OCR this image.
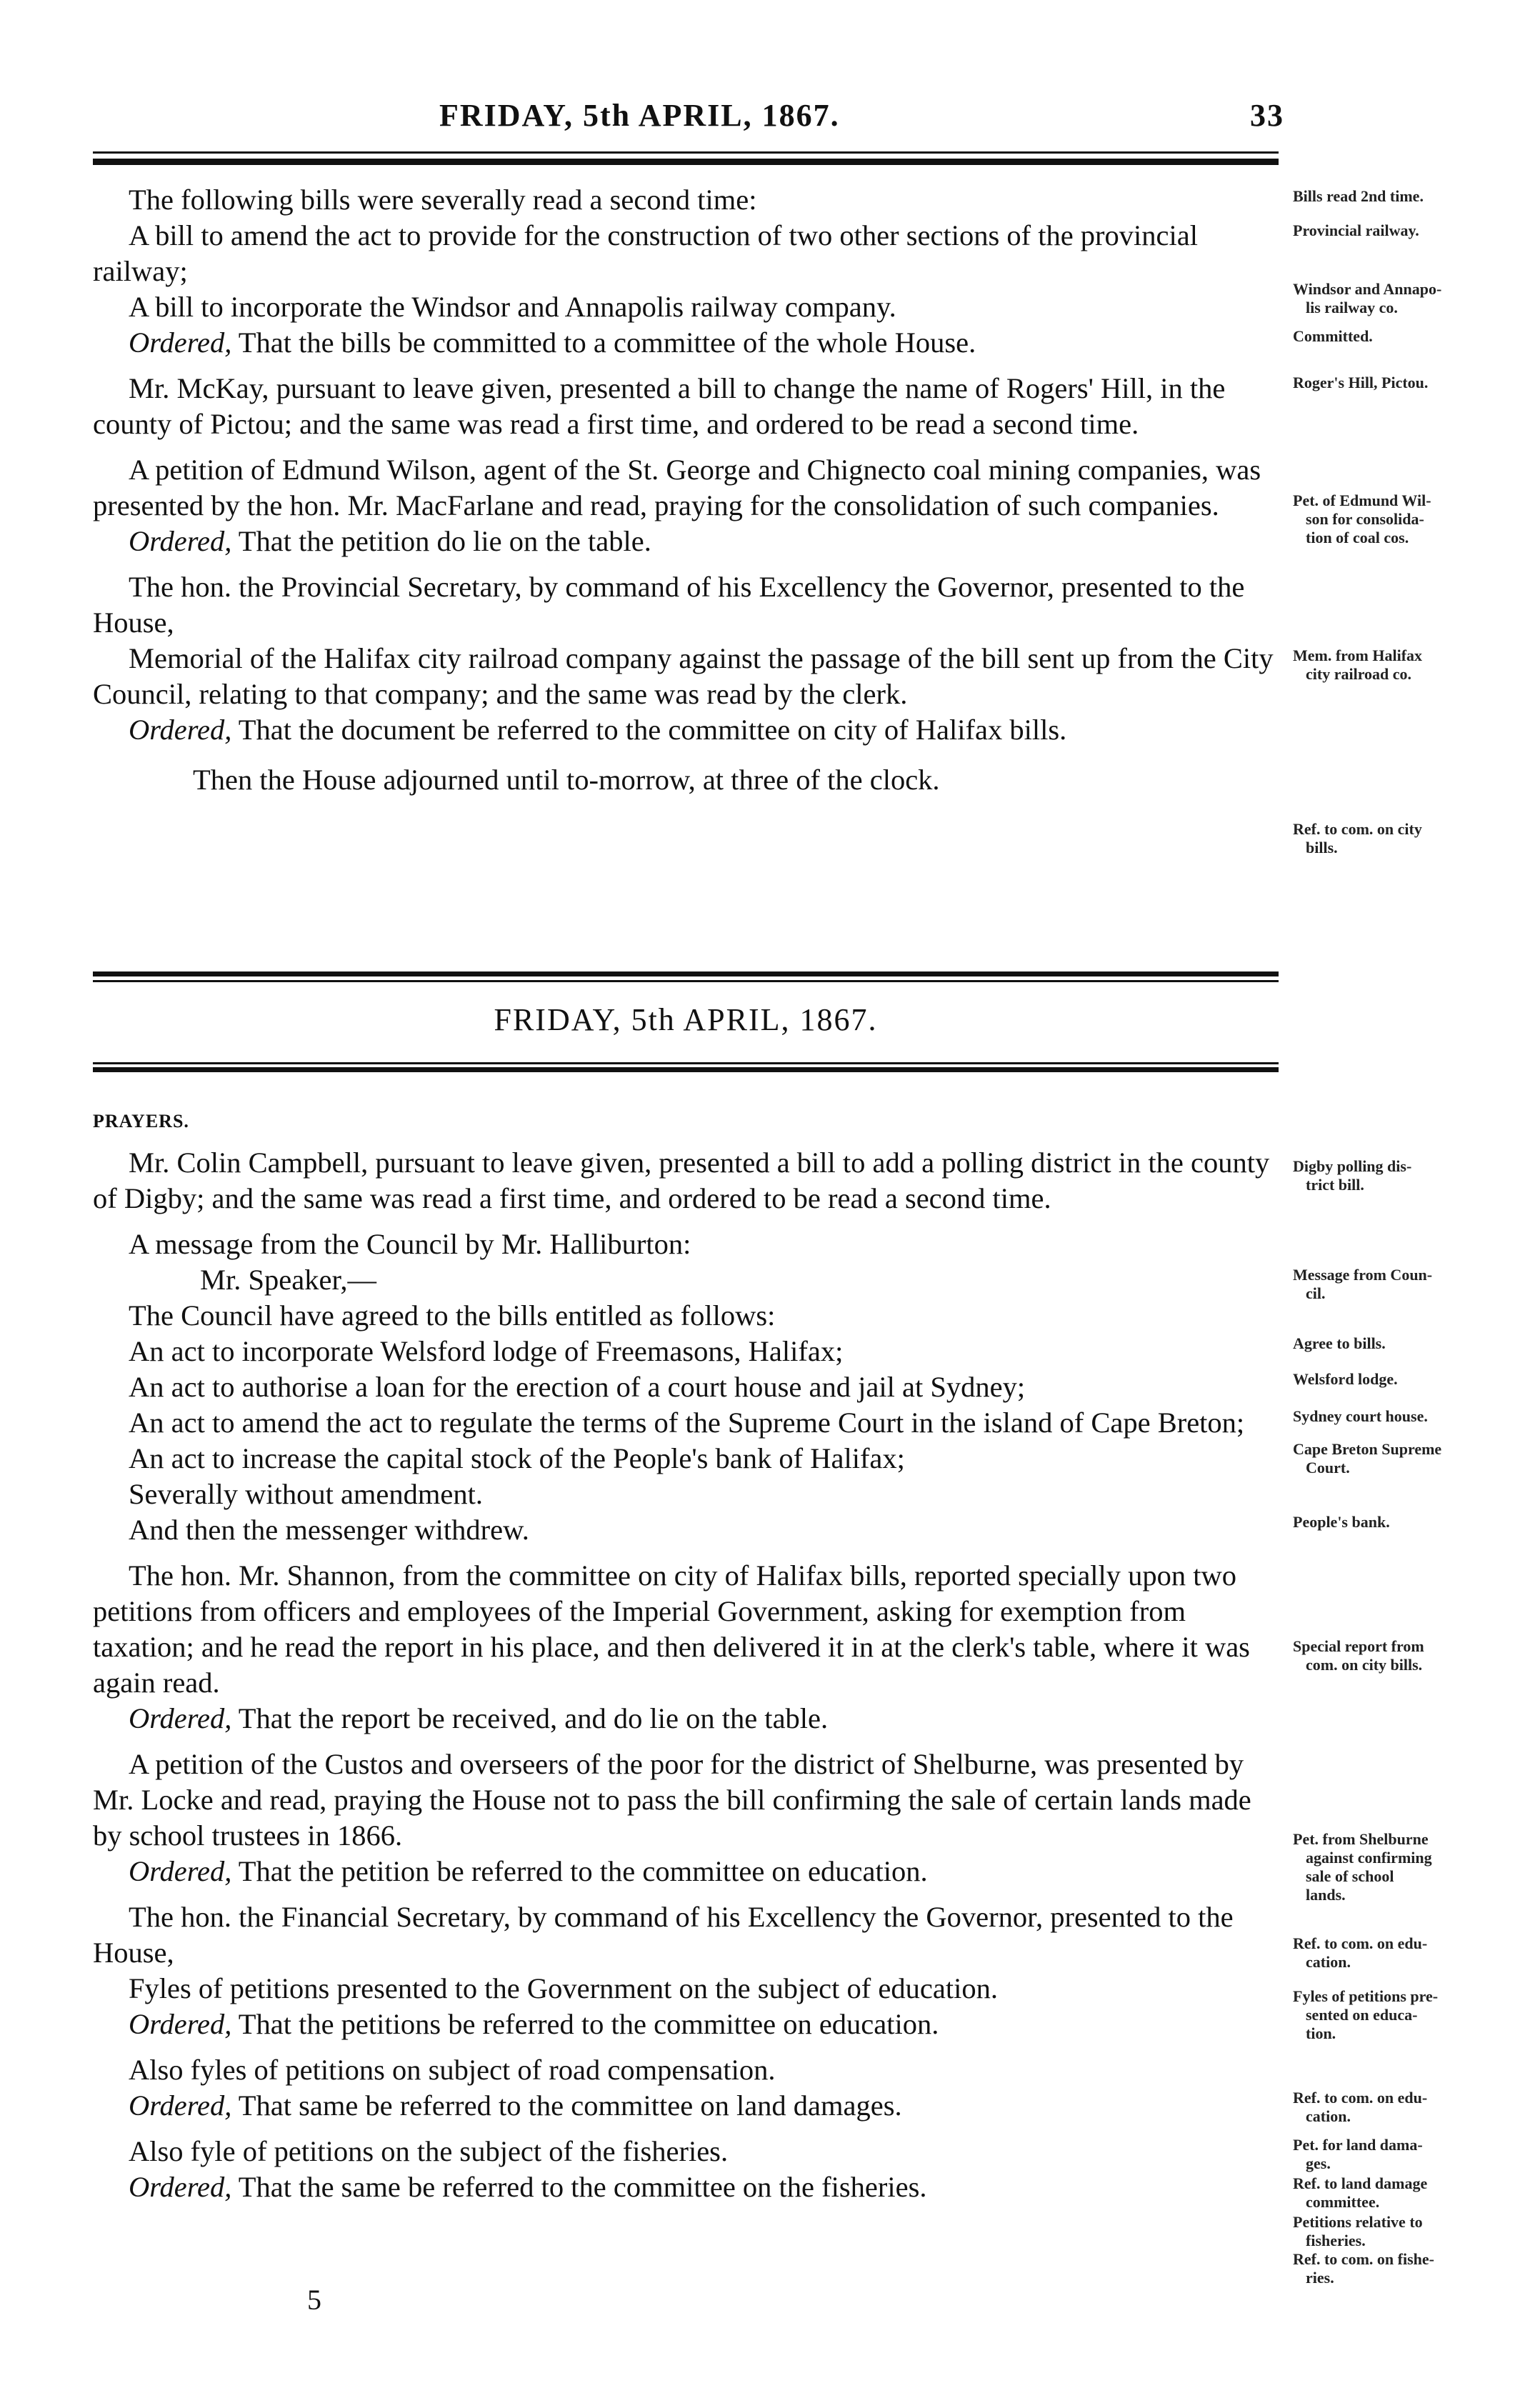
FRIDAY, 5th APRIL, 1867.	33

The following bills were severally read a second time:

A bill to amend the act to provide for the construction of two other sections of the provincial railway;

A bill to incorporate the Windsor and Annapolis railway company.

Ordered, That the bills be committed to a committee of the whole House.

Mr. McKay, pursuant to leave given, presented a bill to change the name of Rogers' Hill, in the county of Pictou; and the same was read a first time, and ordered to be read a second time.

A petition of Edmund Wilson, agent of the St. George and Chignecto coal mining companies, was presented by the hon. Mr. MacFarlane and read, praying for the consolidation of such companies.

Ordered, That the petition do lie on the table.

The hon. the Provincial Secretary, by command of his Excellency the Governor, presented to the House,

Memorial of the Halifax city railroad company against the passage of the bill sent up from the City Council, relating to that company; and the same was read by the clerk.

Ordered, That the document be referred to the committee on city of Halifax bills.

Then the House adjourned until to-morrow, at three of the clock.

Bills read 2nd time.
Provincial railway.
Windsor and Annapo-
lis railway co.
Committed.
Roger's Hill, Pictou.
Pet. of Edmund Wil-
son for consolida-
tion of coal cos.
Mem. from Halifax
city railroad co.
Ref. to com. on city
bills.
FRIDAY, 5th APRIL, 1867.
PRAYERS.

Mr. Colin Campbell, pursuant to leave given, presented a bill to add a polling district in the county of Digby; and the same was read a first time, and ordered to be read a second time.

A message from the Council by Mr. Halliburton:

Mr. Speaker,—

The Council have agreed to the bills entitled as follows:

An act to incorporate Welsford lodge of Freemasons, Halifax;

An act to authorise a loan for the erection of a court house and jail at Sydney;

An act to amend the act to regulate the terms of the Supreme Court in the island of Cape Breton;

An act to increase the capital stock of the People's bank of Halifax;

Severally without amendment.

And then the messenger withdrew.

The hon. Mr. Shannon, from the committee on city of Halifax bills, reported specially upon two petitions from officers and employees of the Imperial Government, asking for exemption from taxation; and he read the report in his place, and then delivered it in at the clerk's table, where it was again read.

Ordered, That the report be received, and do lie on the table.

A petition of the Custos and overseers of the poor for the district of Shelburne, was presented by Mr. Locke and read, praying the House not to pass the bill confirming the sale of certain lands made by school trustees in 1866.

Ordered, That the petition be referred to the committee on education.

The hon. the Financial Secretary, by command of his Excellency the Governor, presented to the House,

Fyles of petitions presented to the Government on the subject of education.

Ordered, That the petitions be referred to the committee on education.

Also fyles of petitions on subject of road compensation.

Ordered, That same be referred to the committee on land damages.

Also fyle of petitions on the subject of the fisheries.

Ordered, That the same be referred to the committee on the fisheries.

Digby polling dis-
trict bill.
Message from Coun-
cil.
Agree to bills.
Welsford lodge.
Sydney court house.
Cape Breton Supreme
Court.
People's bank.
Special report from
com. on city bills.
Pet. from Shelburne
against confirming
sale of school
lands.
Ref. to com. on edu-
cation.
Fyles of petitions pre-
sented on educa-
tion.
Ref. to com. on edu-
cation.
Pet. for land dama-
ges.
Ref. to land damage
committee.
Petitions relative to
fisheries.
Ref. to com. on fishe-
ries.
5
